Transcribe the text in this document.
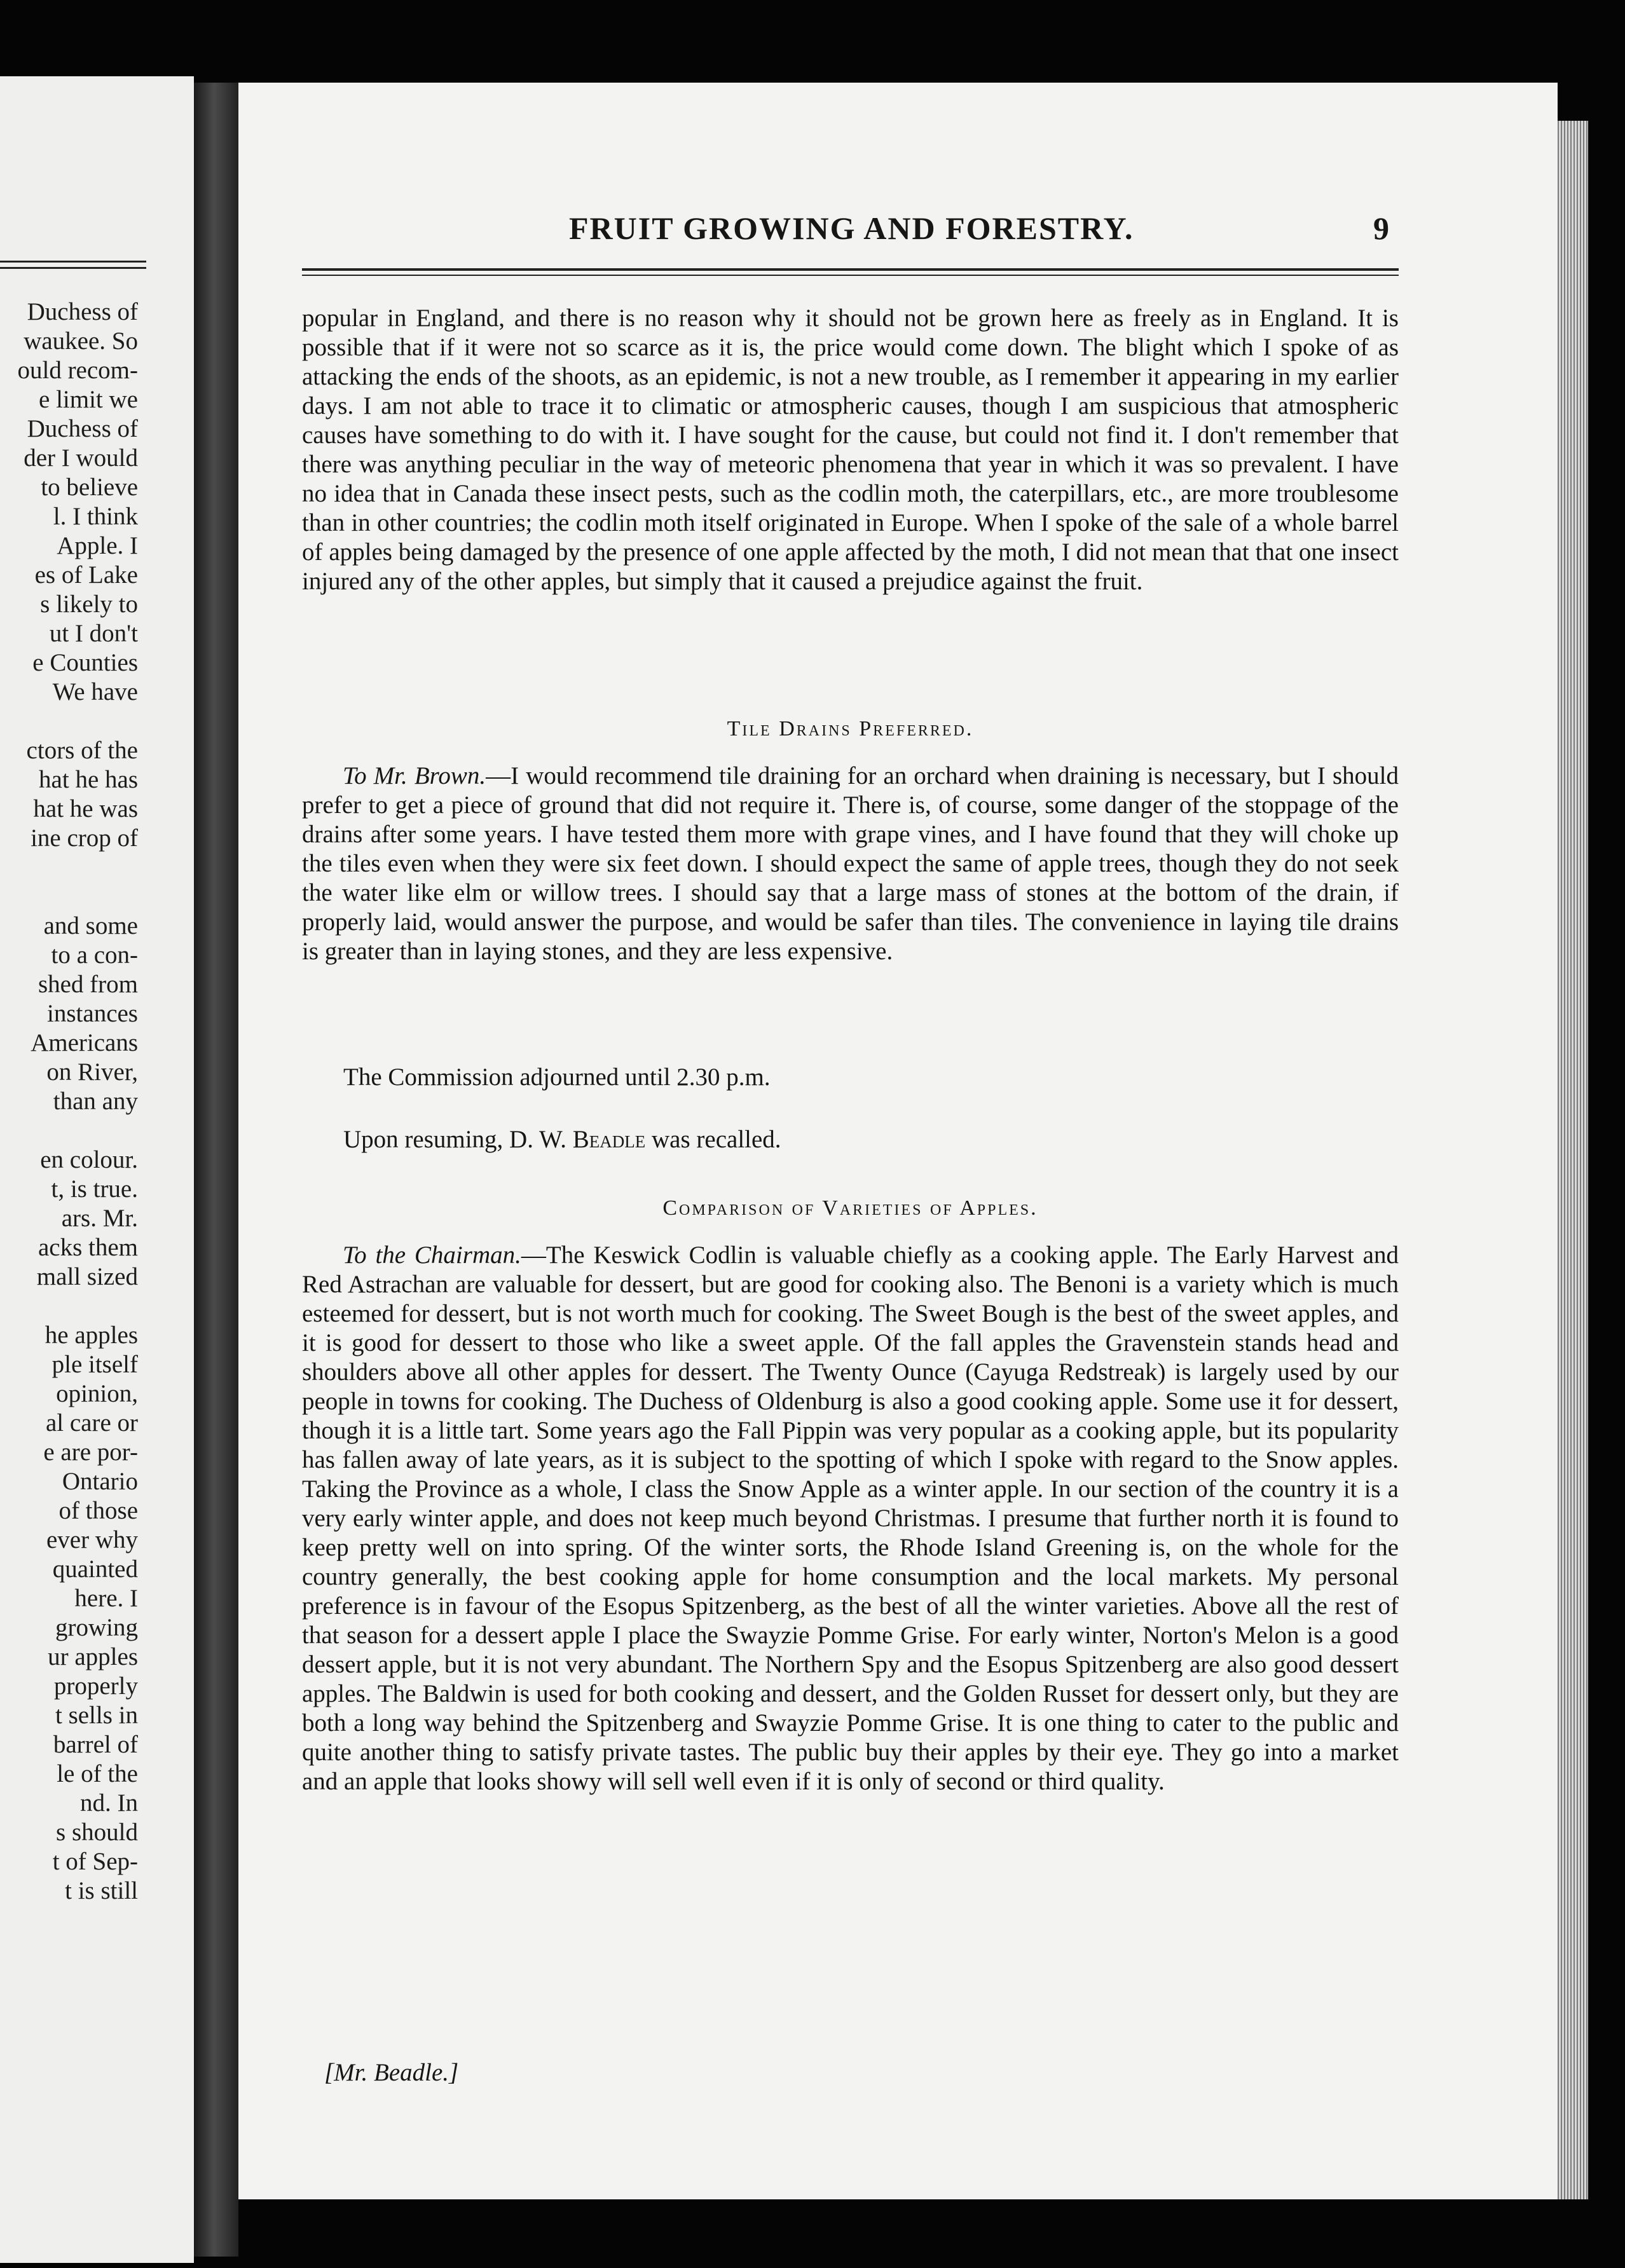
Duchess of
waukee. So
ould recom-
e limit we
Duchess of
der I would
to believe
l. I think
Apple. I
es of Lake
s likely to
ut I don't
e Counties
We have

ctors of the
hat he has
hat he was
ine crop of

and some
to a con-
shed from
instances
Americans
on River,
than any

en colour.
t, is true.
ars. Mr.
acks them
mall sized

he apples
ple itself
opinion,
al care or
e are por-
Ontario
of those
ever why
quainted
here. I
growing
ur apples
properly
t sells in
barrel of
le of the
nd. In
s should
t of Sep-
t is still
FRUIT GROWING AND FORESTRY.	9

popular in England, and there is no reason why it should not be grown here as freely as in England. It is possible that if it were not so scarce as it is, the price would come down. The blight which I spoke of as attacking the ends of the shoots, as an epidemic, is not a new trouble, as I remember it appearing in my earlier days. I am not able to trace it to climatic or atmospheric causes, though I am suspicious that atmospheric causes have something to do with it. I have sought for the cause, but could not find it. I don't remember that there was anything peculiar in the way of meteoric phenomena that year in which it was so prevalent. I have no idea that in Canada these insect pests, such as the codlin moth, the caterpillars, etc., are more troublesome than in other countries; the codlin moth itself originated in Europe. When I spoke of the sale of a whole barrel of apples being damaged by the presence of one apple affected by the moth, I did not mean that that one insect injured any of the other apples, but simply that it caused a prejudice against the fruit.

Tile Drains Preferred.

To Mr. Brown.—I would recommend tile draining for an orchard when draining is necessary, but I should prefer to get a piece of ground that did not require it. There is, of course, some danger of the stoppage of the drains after some years. I have tested them more with grape vines, and I have found that they will choke up the tiles even when they were six feet down. I should expect the same of apple trees, though they do not seek the water like elm or willow trees. I should say that a large mass of stones at the bottom of the drain, if properly laid, would answer the purpose, and would be safer than tiles. The convenience in laying tile drains is greater than in laying stones, and they are less expensive.

The Commission adjourned until 2.30 p.m.
Upon resuming, D. W. Beadle was recalled.
Comparison of Varieties of Apples.

To the Chairman.—The Keswick Codlin is valuable chiefly as a cooking apple. The Early Harvest and Red Astrachan are valuable for dessert, but are good for cooking also. The Benoni is a variety which is much esteemed for dessert, but is not worth much for cooking. The Sweet Bough is the best of the sweet apples, and it is good for dessert to those who like a sweet apple. Of the fall apples the Gravenstein stands head and shoulders above all other apples for dessert. The Twenty Ounce (Cayuga Redstreak) is largely used by our people in towns for cooking. The Duchess of Oldenburg is also a good cooking apple. Some use it for dessert, though it is a little tart. Some years ago the Fall Pippin was very popular as a cooking apple, but its popularity has fallen away of late years, as it is subject to the spotting of which I spoke with regard to the Snow apples. Taking the Province as a whole, I class the Snow Apple as a winter apple. In our section of the country it is a very early winter apple, and does not keep much beyond Christmas. I presume that further north it is found to keep pretty well on into spring. Of the winter sorts, the Rhode Island Greening is, on the whole for the country generally, the best cooking apple for home consumption and the local markets. My personal preference is in favour of the Esopus Spitzenberg, as the best of all the winter varieties. Above all the rest of that season for a dessert apple I place the Swayzie Pomme Grise. For early winter, Norton's Melon is a good dessert apple, but it is not very abundant. The Northern Spy and the Esopus Spitzenberg are also good dessert apples. The Baldwin is used for both cooking and dessert, and the Golden Russet for dessert only, but they are both a long way behind the Spitzenberg and Swayzie Pomme Grise. It is one thing to cater to the public and quite another thing to satisfy private tastes. The public buy their apples by their eye. They go into a market and an apple that looks showy will sell well even if it is only of second or third quality.

[Mr. Beadle.]
